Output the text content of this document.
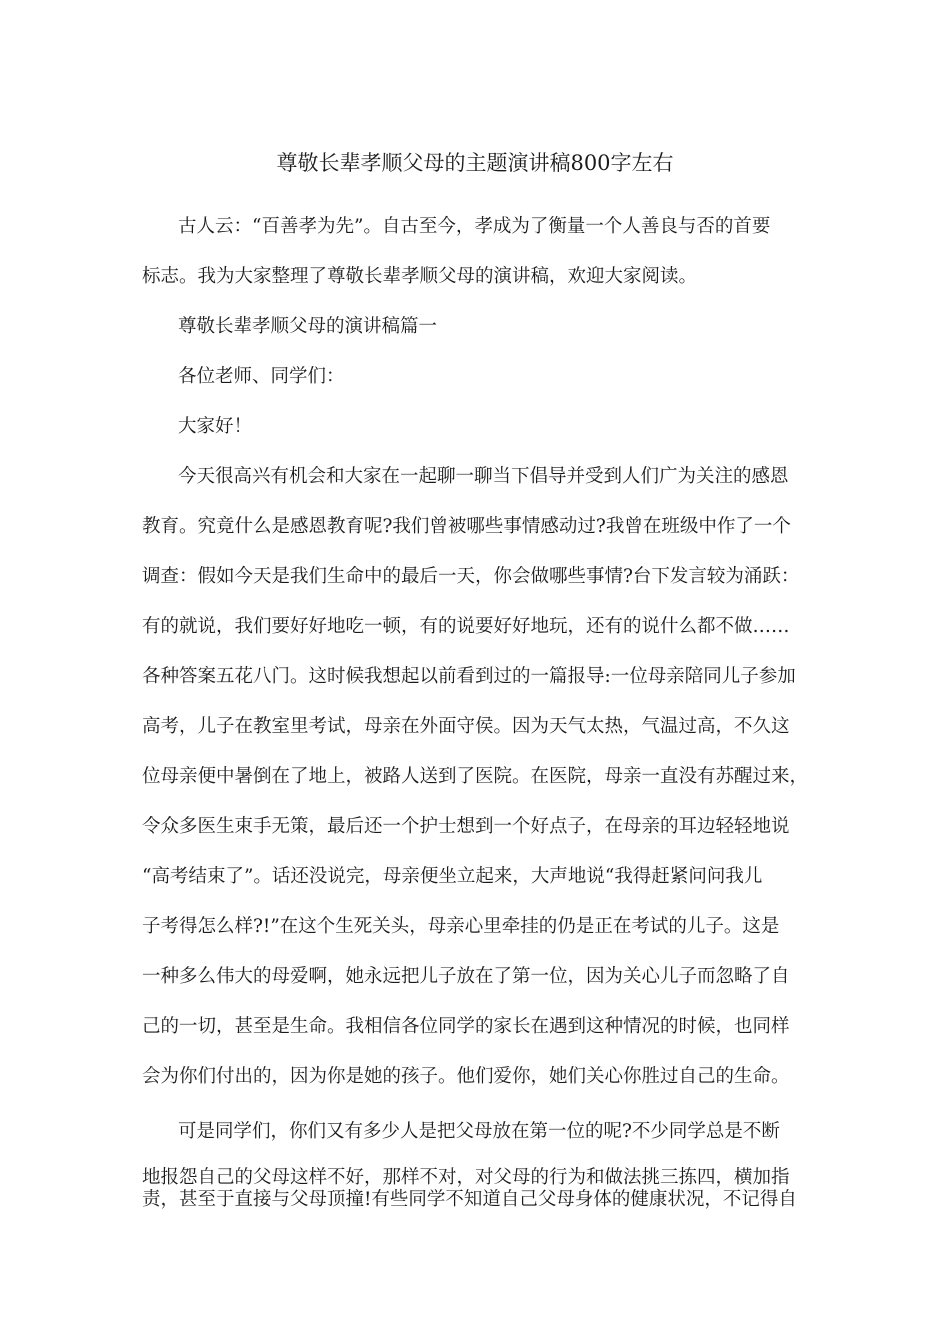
尊敬长辈孝顺父母的主题演讲稿800字左右
古人云：“百善孝为先”。自古至今，孝成为了衡量一个人善良与否的首要
标志。我为大家整理了尊敬长辈孝顺父母的演讲稿，欢迎大家阅读。
尊敬长辈孝顺父母的演讲稿篇一
各位老师、同学们：
大家好！
今天很高兴有机会和大家在一起聊一聊当下倡导并受到人们广为关注的感恩
教育。究竟什么是感恩教育呢?我们曾被哪些事情感动过?我曾在班级中作了一个
调查：假如今天是我们生命中的最后一天，你会做哪些事情?台下发言较为涌跃：
有的就说，我们要好好地吃一顿，有的说要好好地玩，还有的说什么都不做……
各种答案五花八门。这时候我想起以前看到过的一篇报导:一位母亲陪同儿子参加
高考，儿子在教室里考试，母亲在外面守侯。因为天气太热，气温过高，不久这
位母亲便中暑倒在了地上，被路人送到了医院。在医院，母亲一直没有苏醒过来，
令众多医生束手无策，最后还一个护士想到一个好点子，在母亲的耳边轻轻地说
“高考结束了”。话还没说完，母亲便坐立起来，大声地说“我得赶紧问问我儿
子考得怎么样?!”在这个生死关头，母亲心里牵挂的仍是正在考试的儿子。这是
一种多么伟大的母爱啊，她永远把儿子放在了第一位，因为关心儿子而忽略了自
己的一切，甚至是生命。我相信各位同学的家长在遇到这种情况的时候，也同样
会为你们付出的，因为你是她的孩子。他们爱你，她们关心你胜过自己的生命。
可是同学们，你们又有多少人是把父母放在第一位的呢?不少同学总是不断
地报怨自己的父母这样不好，那样不对，对父母的行为和做法挑三拣四，横加指
责，甚至于直接与父母顶撞!有些同学不知道自己父母身体的健康状况，不记得自
